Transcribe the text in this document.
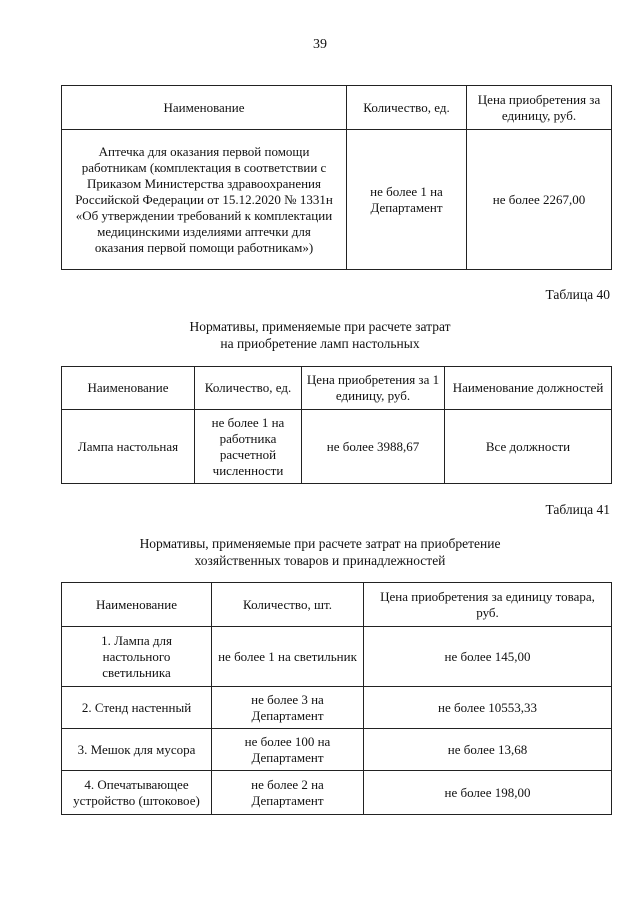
39
Наименование	Количество, ед.	Цена приобретения за единицу, руб.
Аптечка для оказания первой помощи работникам (комплектация в соответствии с Приказом Министерства здравоохранения Российской Федерации от 15.12.2020 № 1331н «Об утверждении требований к комплектации медицинскими изделиями аптечки для оказания первой помощи работникам»)	не более 1 на Департамент	не более 2267,00
Таблица 40
Нормативы, применяемые при расчете затрат
на приобретение ламп настольных
Наименование	Количество, ед.	Цена приобретения за 1 единицу, руб.	Наименование должностей
Лампа настольная	не более 1 на работника расчетной численности	не более 3988,67	Все должности
Таблица 41
Нормативы, применяемые при расчете затрат на приобретение
хозяйственных товаров и принадлежностей
Наименование	Количество, шт.	Цена приобретения за единицу товара, руб.
1. Лампа для настольного светильника	не более 1 на светильник	не более 145,00
2. Стенд настенный	не более 3 на Департамент	не более 10553,33
3. Мешок для мусора	не более 100 на Департамент	не более 13,68
4. Опечатывающее устройство (штоковое)	не более 2 на Департамент	не более 198,00
